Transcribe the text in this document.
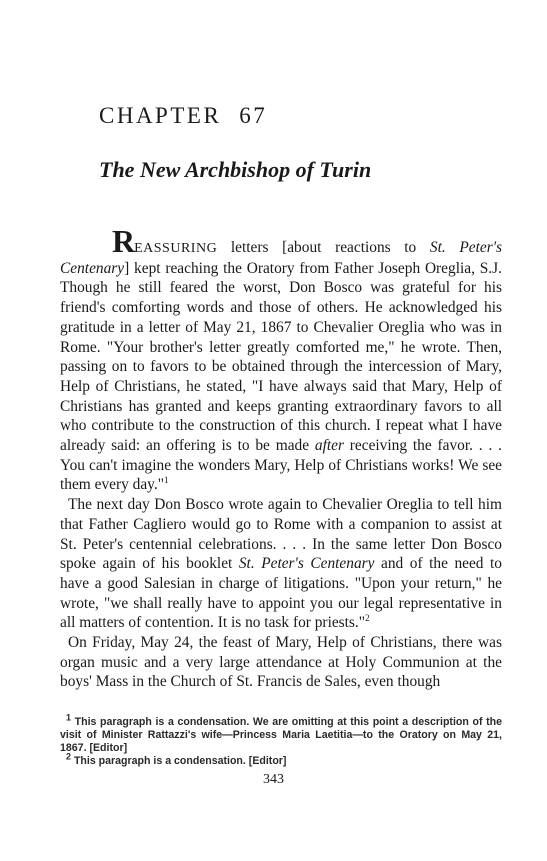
CHAPTER 67
The New Archbishop of Turin

REASSURING letters [about reactions to St. Peter's Centenary] kept reaching the Oratory from Father Joseph Oreglia, S.J. Though he still feared the worst, Don Bosco was grateful for his friend's comforting words and those of others. He acknowledged his gratitude in a letter of May 21, 1867 to Chevalier Oreglia who was in Rome. "Your brother's letter greatly comforted me," he wrote. Then, passing on to favors to be obtained through the intercession of Mary, Help of Christians, he stated, "I have always said that Mary, Help of Christians has granted and keeps granting extraordinary favors to all who contribute to the construction of this church. I repeat what I have already said: an offering is to be made after receiving the favor. . . . You can't imagine the wonders Mary, Help of Christians works! We see them every day."$^1$

The next day Don Bosco wrote again to Chevalier Oreglia to tell him that Father Cagliero would go to Rome with a companion to assist at St. Peter's centennial celebrations. . . . In the same letter Don Bosco spoke again of his booklet St. Peter's Centenary and of the need to have a good Salesian in charge of litigations. "Upon your return," he wrote, "we shall really have to appoint you our legal representative in all matters of contention. It is no task for priests."$^2$

On Friday, May 24, the feast of Mary, Help of Christians, there was organ music and a very large attendance at Holy Communion at the boys' Mass in the Church of St. Francis de Sales, even though

$^1$ This paragraph is a condensation. We are omitting at this point a description of the visit of Minister Rattazzi's wife—Princess Maria Laetitia—to the Oratory on May 21, 1867. [Editor]

$^2$ This paragraph is a condensation. [Editor]

343
